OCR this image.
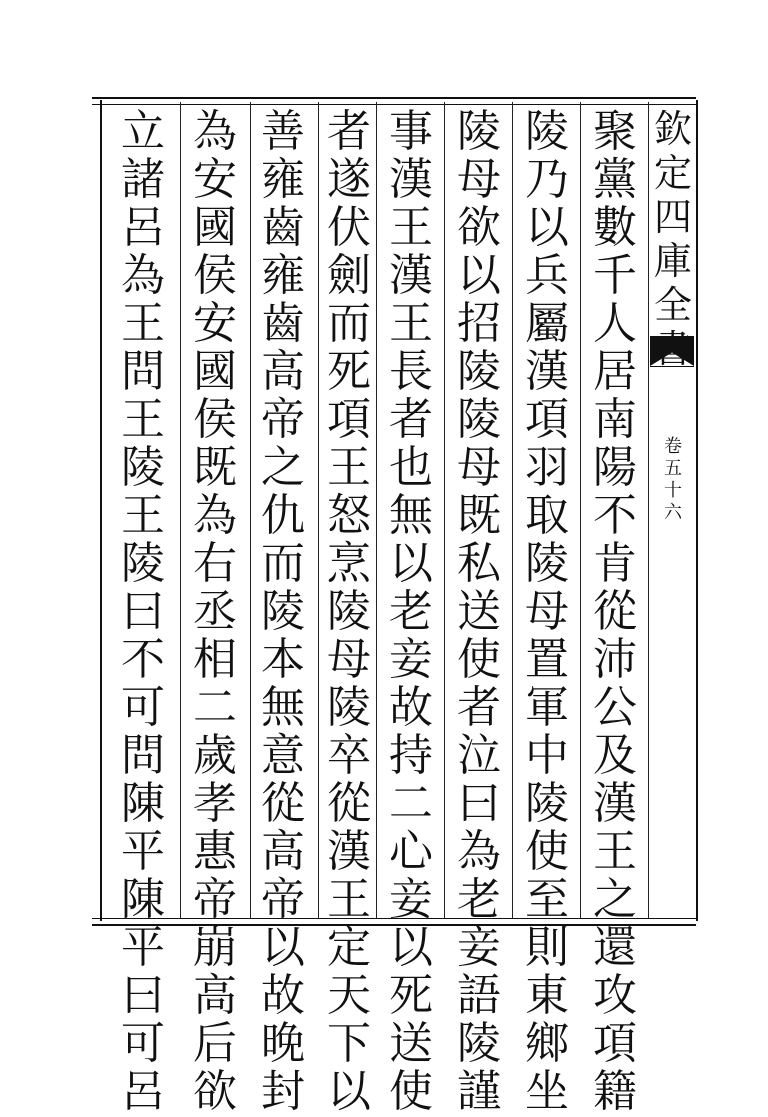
欽
定
四
庫
全
卷
五
十
六
聚
黨
數
千
人
居
南
陽
不
肯
從
沛
公
及
漢
王
之
還
攻
項
籍
陵
乃
以
兵
屬
漢
項
羽
取
陵
母
置
軍
中
陵
使
至
則
東
鄉
坐
陵
母
欲
以
招
陵
陵
母
既
私
送
使
者
泣
曰
為
老
妾
語
陵
謹
事
漢
王
漢
王
長
者
也
無
以
老
妾
故
持
二
心
妾
以
死
送
使
者
遂
伏
劍
而
死
項
王
怒
烹
陵
母
陵
卒
從
漢
王
定
天
下
以
善
雍
齒
雍
齒
高
帝
之
仇
而
陵
本
無
意
從
高
帝
以
故
晚
封
為
安
國
侯
安
國
侯
既
為
右
丞
相
二
歲
孝
惠
帝
崩
高
后
欲
立
諸
呂
為
王
問
王
陵
王
陵
曰
不
可
問
陳
平
陳
平
曰
可
呂
